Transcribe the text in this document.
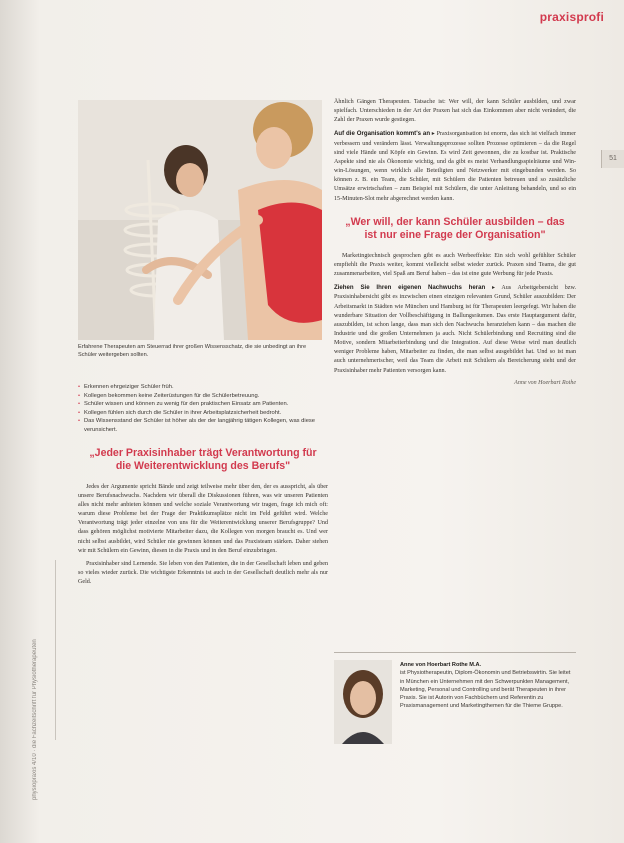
praxisprofi
51
physiopraxis 4/10 · die Fachzeitschrift für Physiotherapeuten
Erfahrene Therapeuten am Steuerrad ihrer großen Wissensschatz, die sie unbedingt an ihre Schüler weitergeben sollten.
• Erkennen ehrgeiziger Schüler früh.
• Kollegen bekommen keine Zeiterüstungen für die Schülerbetreuung.
• Schüler wissen und können zu wenig für den praktischen Einsatz am Patienten.
• Kollegen fühlen sich durch die Schüler in ihrer Arbeitsplatzsicherheit bedroht.
• Das Wissensstand der Schüler ist höher als der der langjährig tätigen Kollegen, was diese verunsichert.
„Jeder Praxisinhaber trägt Verantwortung für die Weiterentwicklung des Berufs"

Jedes der Argumente spricht Bände und zeigt teilweise mehr über den, der es ausspricht, als über unsere Berufsnachwuchs. Nachdem wir überall die Diskussionen führen, was wir unseren Patienten alles nicht mehr anbieten können und welche soziale Verantwortung wir tragen, frage ich mich oft: warum diese Probleme bei der Frage der Praktikumsplätze nicht im Feld geführt wird. Welche Verantwortung trägt jeder einzelne von uns für die Weiterentwicklung unserer Berufsgruppe? Und dass gehören möglichst motivierte Mitarbeiter dazu, die Kollegen von morgen braucht es. Und wer nicht selbst ausbildet, wird Schüler nie gewinnen können und das Praxisteam stärken. Daher stehen wir mit Schülern ein Gewinn, diesen in die Praxis und in den Beruf einzubringen.

Praxisinhaber sind Lernende. Sie leben von den Patienten, die in der Gesellschaft leben und geben so vieles wieder zurück. Die wichtigste Erkenntnis ist auch in der Gesellschaft deutlich mehr als nur Geld.

Ähnlich Gängen Therapeuten. Tatsache ist: Wer will, der kann Schüler ausbilden, und zwar spielfach. Unterschieden in der Art der Praxen hat sich das Einkommen aber nicht verändert, die Zahl der Praxen wurde gestiegen.

Auf die Organisation kommt's an ▸ Praxisorganisation ist enorm, das sich ist vielfach immer verbessern und verändern lässt. Verwaltungsprozesse sollten Prozesse optimieren – da die Regel sind viele Hände und Köpfe ein Gewinn. Es wird Zeit gewonnen, die zu kostbar ist. Praktische Aspekte sind nie als Ökonomie wichtig, und da gibt es meist Verhandlungsspielräume und Win-win-Lösungen, wenn wirklich alle Beteiligten und Netzwerker mit eingebunden werden. So können z. B. ein Team, die Schüler, mit Schülern die Patienten betreuen und so zusätzliche Umsätze erwirtschaften – zum Beispiel mit Schülern, die unter Anleitung behandeln, und so ein 15-Minuten-Slot mehr abgerechnet werden kann.

„Wer will, der kann Schüler ausbilden – das ist nur eine Frage der Organisation"

Marketingtechnisch gesprochen gibt es auch Werbeeffekte: Ein sich wohl gefühlter Schüler empfiehlt die Praxis weiter, kommt vielleicht selbst wieder zurück. Praxen sind Teams, die gut zusammenarbeiten, viel Spaß am Beruf haben – das ist eine gute Werbung für jede Praxis.

Ziehen Sie Ihren eigenen Nachwuchs heran ▸ Aus Arbeitgebersicht bzw. Praxisinhabersicht gibt es inzwischen einen einzigen relevanten Grund, Schüler auszubilden: Der Arbeitsmarkt in Städten wie München und Hamburg ist für Therapeuten leergefegt. Wir haben die wunderbare Situation der Vollbeschäftigung in Ballungsräumen. Das erste Hauptargument dafür, auszubilden, ist schon lange, dass man sich den Nachwuchs heranziehen kann – das machen die Industrie und die großen Unternehmen ja auch. Nicht Schülerbindung und Recruiting sind die Motive, sondern Mitarbeiterbindung und die Integration. Auf diese Weise wird man deutlich weniger Probleme haben, Mitarbeiter zu finden, die man selbst ausgebildet hat. Und so ist man auch unternehmerischer, weil das Team die Arbeit mit Schülern als Bereicherung sieht und der Praxisinhaber mehr Patienten versorgen kann.

Anne von Hoerbart Rothe
Anne von Hoerbart Rothe M.A.
ist Physiotherapeutin, Diplom-Ökonomin und Betriebswirtin. Sie leitet in München ein Unternehmen mit den Schwerpunkten Management, Marketing, Personal und Controlling und berät Therapeuten in ihrer Praxis. Sie ist Autorin von Fachbüchern und Referentin zu Praxismanagement und Marketingthemen für die Thieme Gruppe.
